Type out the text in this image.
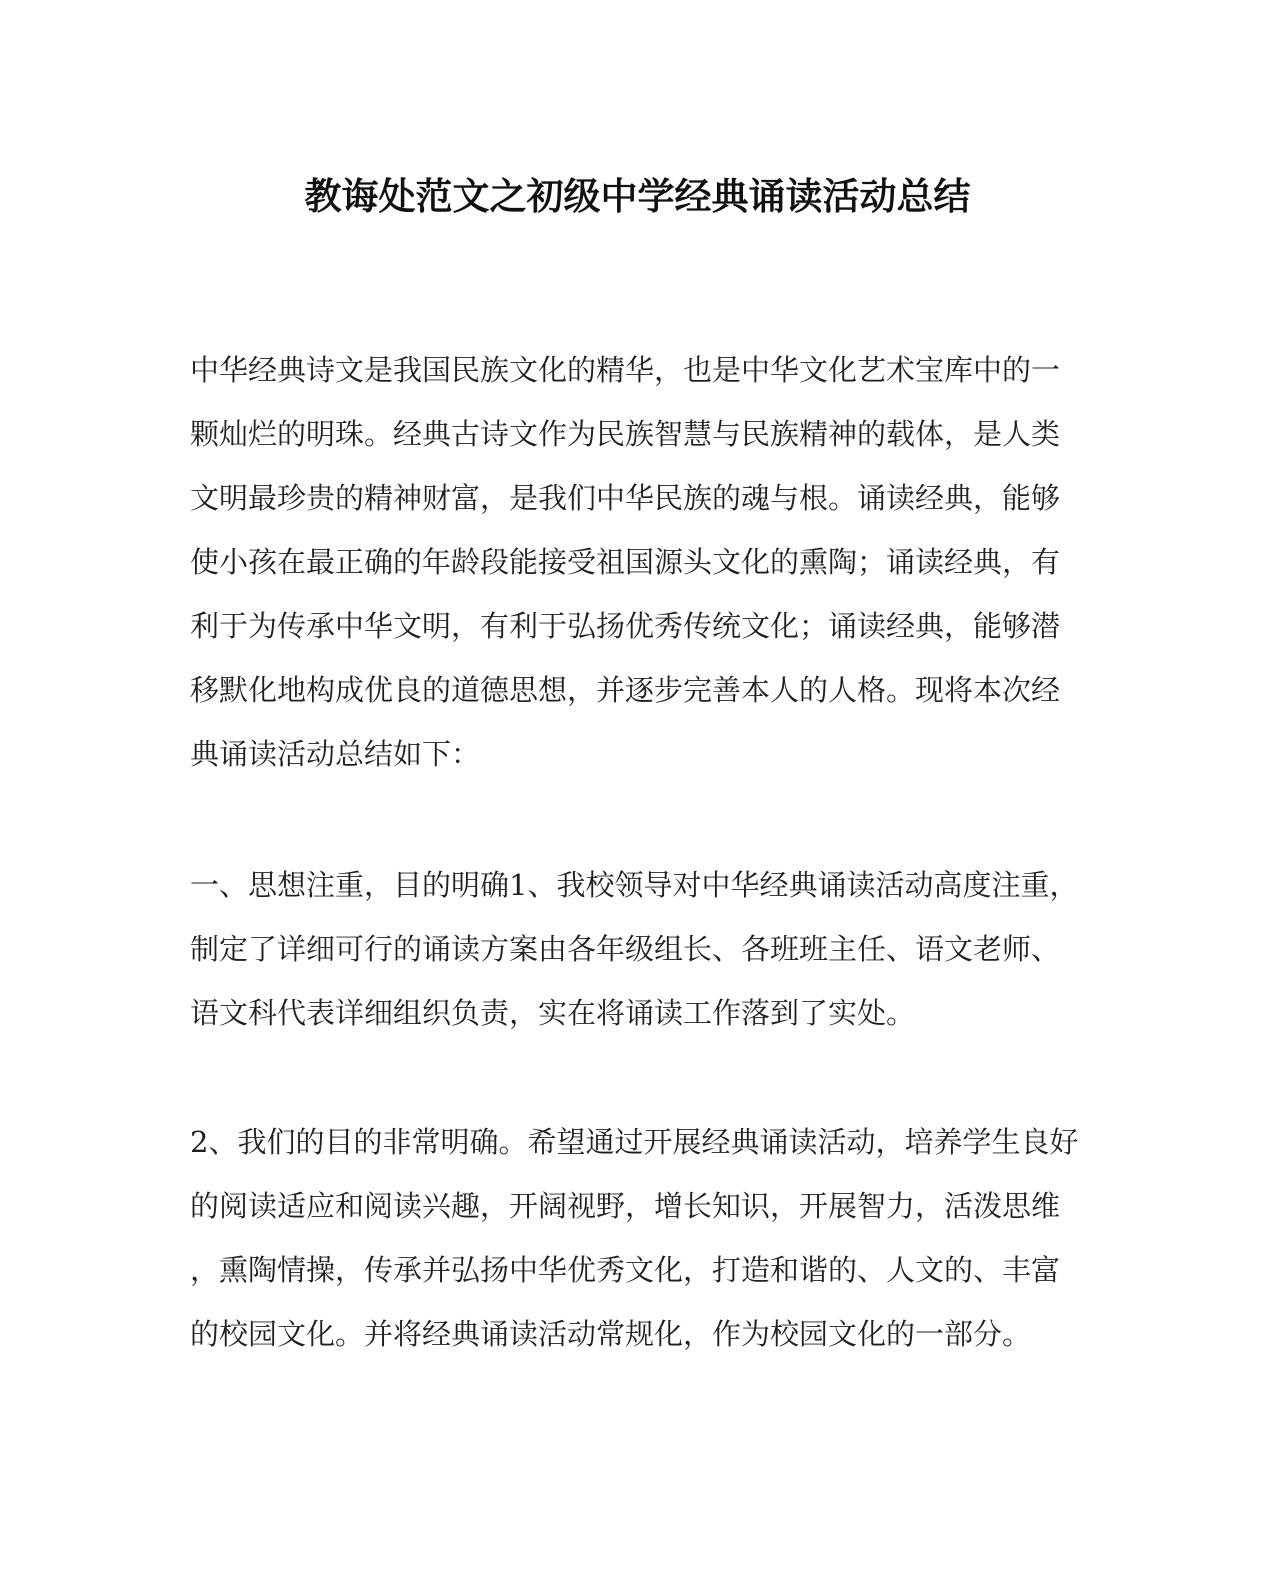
教诲处范文之初级中学经典诵读活动总结
中华经典诗文是我国民族文化的精华，也是中华文化艺术宝库中的一
颗灿烂的明珠。经典古诗文作为民族智慧与民族精神的载体，是人类
文明最珍贵的精神财富，是我们中华民族的魂与根。诵读经典，能够
使小孩在最正确的年龄段能接受祖国源头文化的熏陶；诵读经典，有
利于为传承中华文明，有利于弘扬优秀传统文化；诵读经典，能够潜
移默化地构成优良的道德思想，并逐步完善本人的人格。现将本次经
典诵读活动总结如下：
一、思想注重，目的明确1、我校领导对中华经典诵读活动高度注重，
制定了详细可行的诵读方案由各年级组长、各班班主任、语文老师、
语文科代表详细组织负责，实在将诵读工作落到了实处。
2、我们的目的非常明确。希望通过开展经典诵读活动，培养学生良好
的阅读适应和阅读兴趣，开阔视野，增长知识，开展智力，活泼思维
，熏陶情操，传承并弘扬中华优秀文化，打造和谐的、人文的、丰富
的校园文化。并将经典诵读活动常规化，作为校园文化的一部分。
